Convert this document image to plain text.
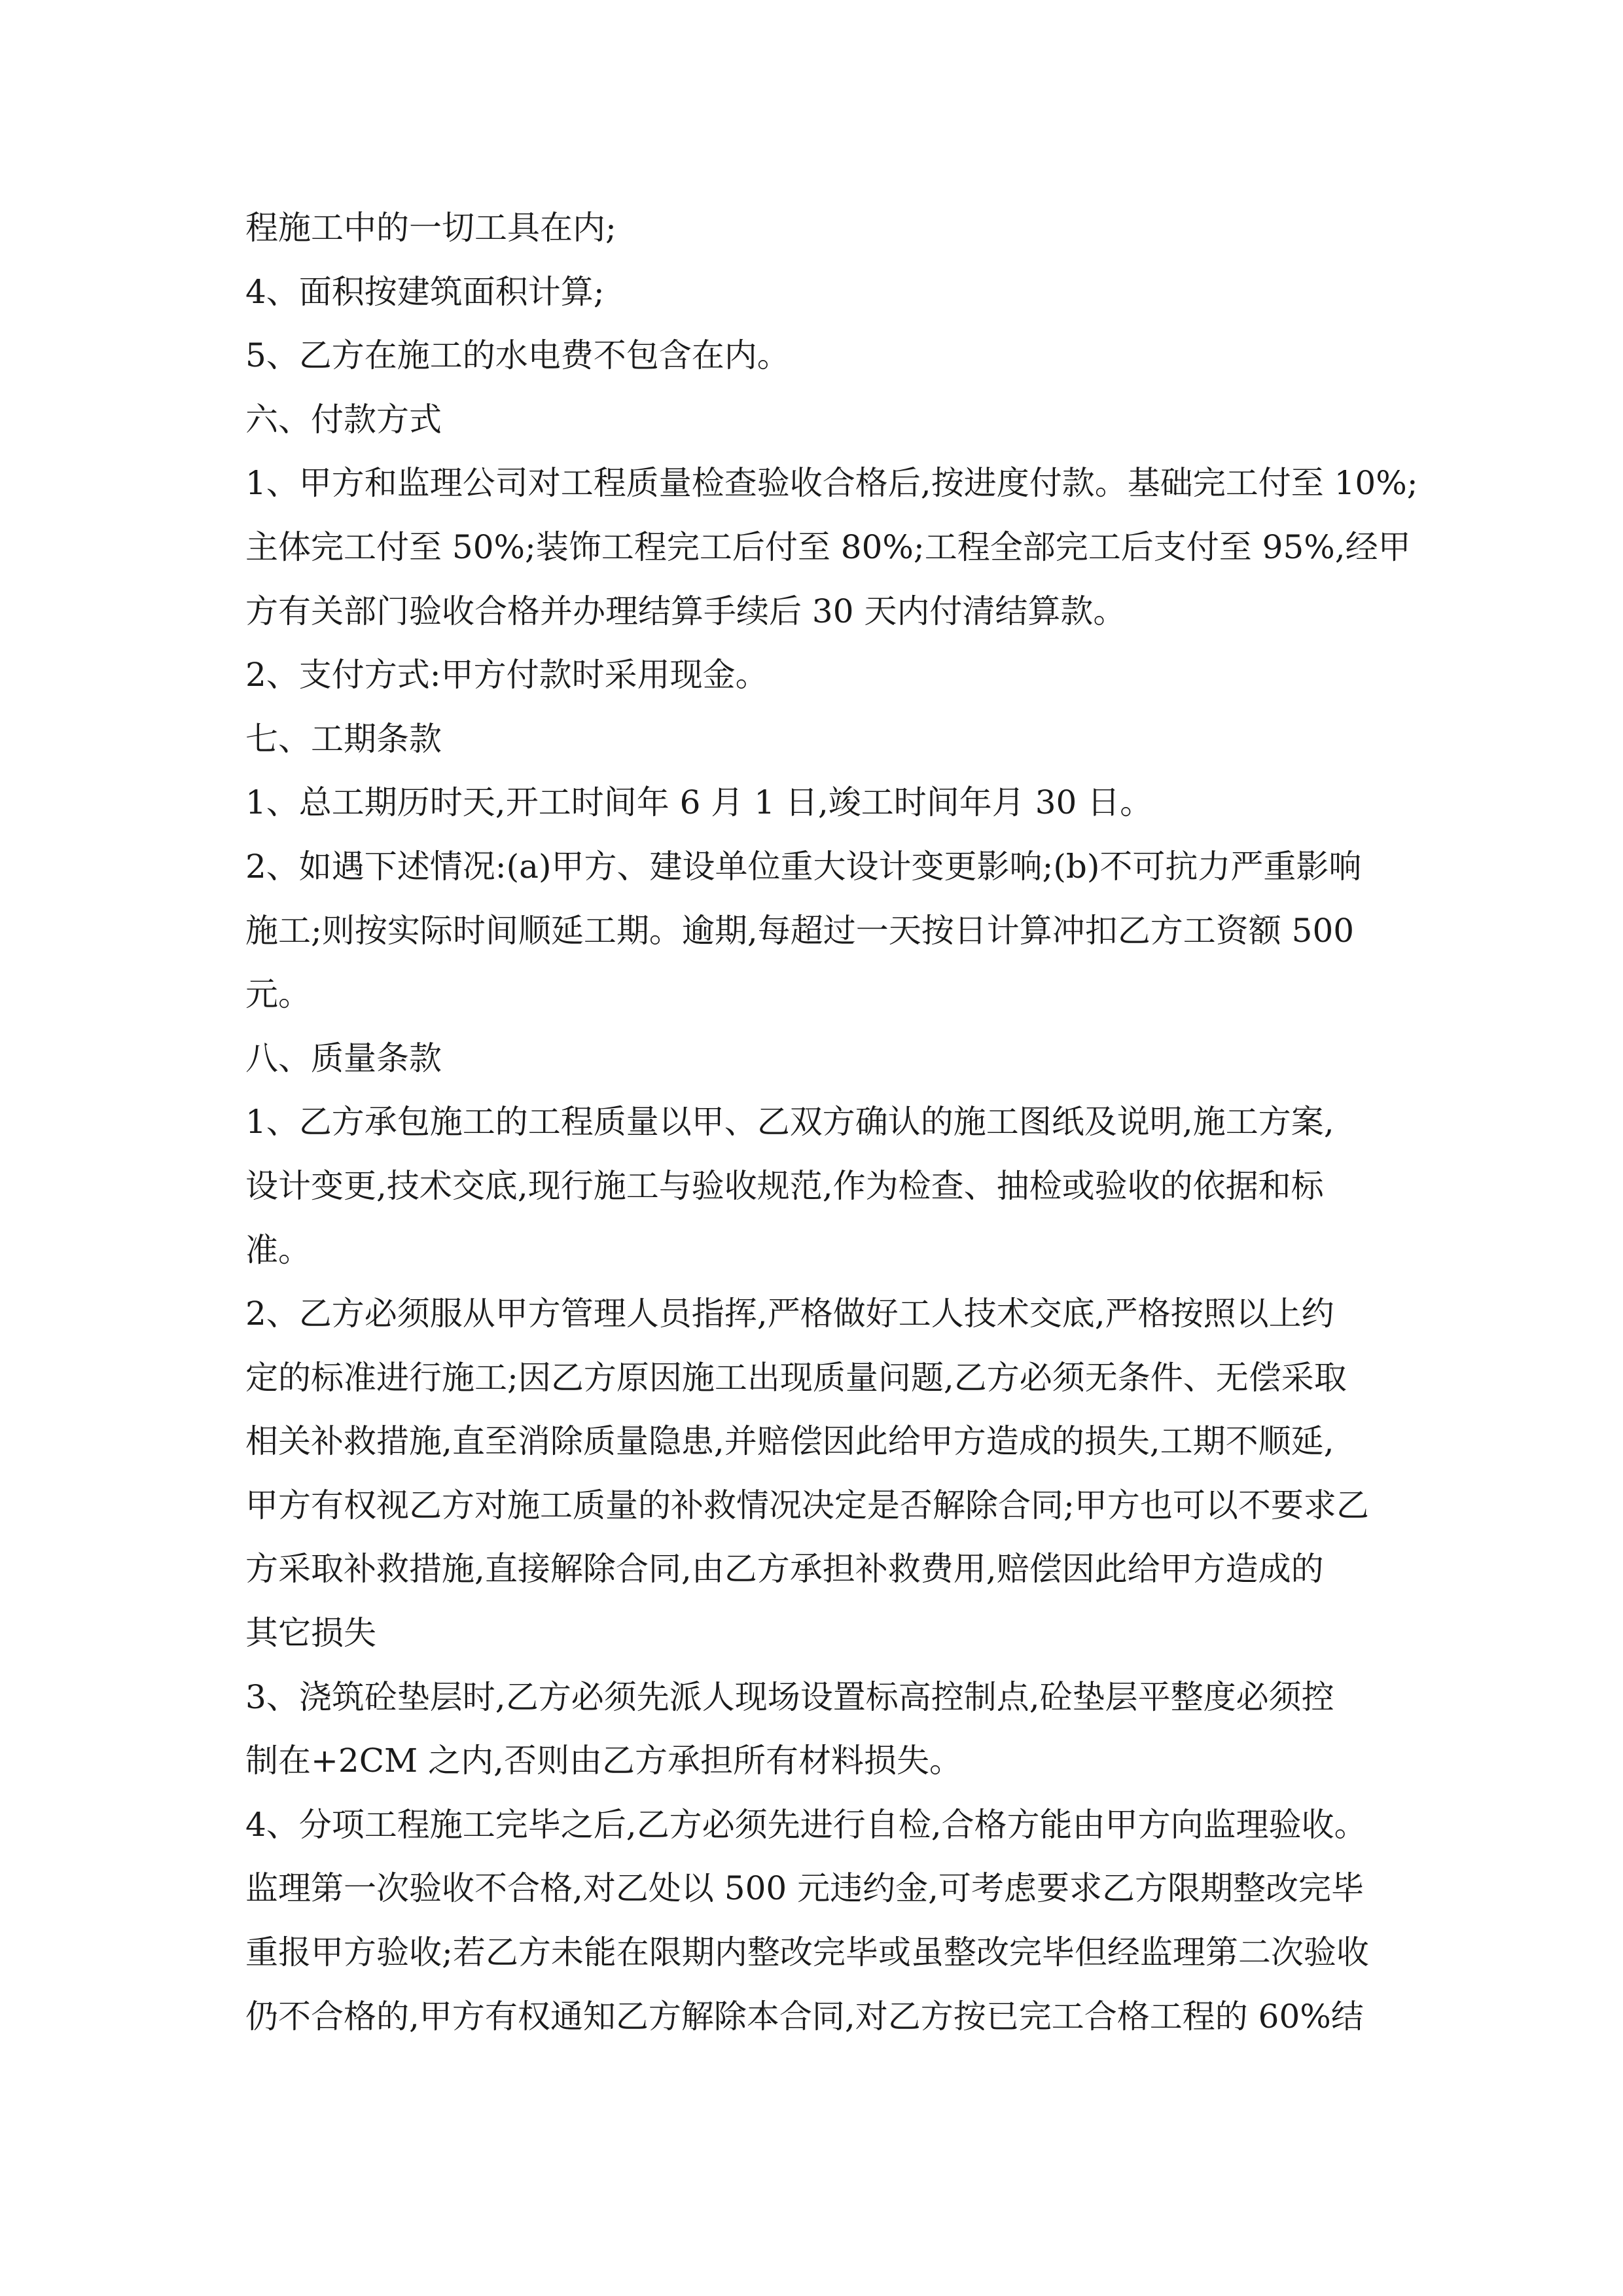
程施工中的一切工具在内;
4、面积按建筑面积计算;
5、乙方在施工的水电费不包含在内。
六、付款方式
1、甲方和监理公司对工程质量检查验收合格后,按进度付款。基础完工付至 10%;
主体完工付至 50%;装饰工程完工后付至 80%;工程全部完工后支付至 95%,经甲
方有关部门验收合格并办理结算手续后 30 天内付清结算款。
2、支付方式:甲方付款时采用现金。
七、工期条款
1、总工期历时天,开工时间年 6 月 1 日,竣工时间年月 30 日。
2、如遇下述情况:(a)甲方、建设单位重大设计变更影响;(b)不可抗力严重影响
施工;则按实际时间顺延工期。逾期,每超过一天按日计算冲扣乙方工资额 500
元。
八、质量条款
1、乙方承包施工的工程质量以甲、乙双方确认的施工图纸及说明,施工方案,
设计变更,技术交底,现行施工与验收规范,作为检查、抽检或验收的依据和标
准。
2、乙方必须服从甲方管理人员指挥,严格做好工人技术交底,严格按照以上约
定的标准进行施工;因乙方原因施工出现质量问题,乙方必须无条件、无偿采取
相关补救措施,直至消除质量隐患,并赔偿因此给甲方造成的损失,工期不顺延,
甲方有权视乙方对施工质量的补救情况决定是否解除合同;甲方也可以不要求乙
方采取补救措施,直接解除合同,由乙方承担补救费用,赔偿因此给甲方造成的
其它损失
3、浇筑砼垫层时,乙方必须先派人现场设置标高控制点,砼垫层平整度必须控
制在+2CM 之内,否则由乙方承担所有材料损失。
4、分项工程施工完毕之后,乙方必须先进行自检,合格方能由甲方向监理验收。
监理第一次验收不合格,对乙处以 500 元违约金,可考虑要求乙方限期整改完毕
重报甲方验收;若乙方未能在限期内整改完毕或虽整改完毕但经监理第二次验收
仍不合格的,甲方有权通知乙方解除本合同,对乙方按已完工合格工程的 60%结
